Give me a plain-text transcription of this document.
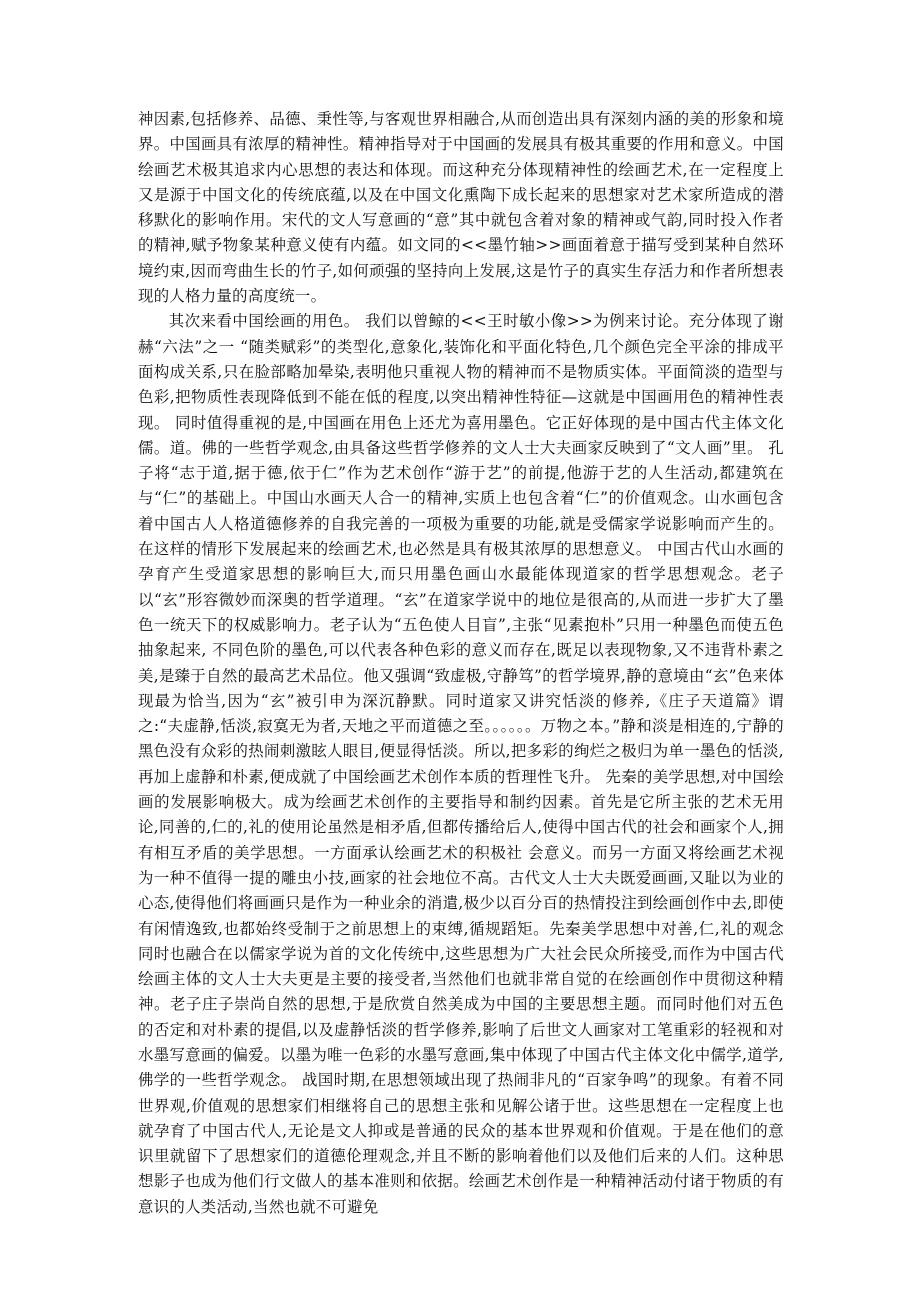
神因素,包括修养、品德、秉性等,与客观世界相融合,从而创造出具有深刻内涵的美的形象和境界。中国画具有浓厚的精神性。精神指导对于中国画的发展具有极其重要的作用和意义。中国绘画艺术极其追求内心思想的表达和体现。而这种充分体现精神性的绘画艺术,在一定程度上又是源于中国文化的传统底蕴,以及在中国文化熏陶下成长起来的思想家对艺术家所造成的潜移默化的影响作用。宋代的文人写意画的“意”其中就包含着对象的精神或气韵,同时投入作者的精神,赋予物象某种意义使有内蕴。如文同的<<墨竹轴>>画面着意于描写受到某种自然环境约束,因而弯曲生长的竹子,如何顽强的坚持向上发展,这是竹子的真实生存活力和作者所想表现的人格力量的高度统一。

其次来看中国绘画的用色。 我们以曾鲸的<<王时敏小像>>为例来讨论。充分体现了谢赫“六法”之一 “随类赋彩”的类型化,意象化,装饰化和平面化特色,几个颜色完全平涂的排成平面构成关系,只在脸部略加晕染,表明他只重视人物的精神而不是物质实体。平面简淡的造型与色彩,把物质性表现降低到不能在低的程度,以突出精神性特征—这就是中国画用色的精神性表现。 同时值得重视的是,中国画在用色上还尤为喜用墨色。它正好体现的是中国古代主体文化儒。道。佛的一些哲学观念,由具备这些哲学修养的文人士大夫画家反映到了“文人画”里。 孔子将“志于道,据于德,依于仁”作为艺术创作“游于艺”的前提,他游于艺的人生活动,都建筑在与“仁”的基础上。中国山水画天人合一的精神,实质上也包含着“仁”的价值观念。山水画包含着中国古人人格道德修养的自我完善的一项极为重要的功能,就是受儒家学说影响而产生的。在这样的情形下发展起来的绘画艺术,也必然是具有极其浓厚的思想意义。 中国古代山水画的孕育产生受道家思想的影响巨大,而只用墨色画山水最能体现道家的哲学思想观念。老子以“玄”形容微妙而深奥的哲学道理。“玄”在道家学说中的地位是很高的,从而进一步扩大了墨色一统天下的权威影响力。老子认为“五色使人目盲”,主张“见素抱朴”只用一种墨色而使五色抽象起来, 不同色阶的墨色,可以代表各种色彩的意义而存在,既足以表现物象,又不违背朴素之美,是臻于自然的最高艺术品位。他又强调“致虚极,守静笃”的哲学境界,静的意境由“玄”色来体现最为恰当,因为“玄”被引申为深沉静默。同时道家又讲究恬淡的修养,《庄子天道篇》谓之:“夫虚静,恬淡,寂寞无为者,天地之平而道德之至。。。。。。万物之本。”静和淡是相连的,宁静的黑色没有众彩的热闹刺激眩人眼目,便显得恬淡。所以,把多彩的绚烂之极归为单一墨色的恬淡,再加上虚静和朴素,便成就了中国绘画艺术创作本质的哲理性飞升。 先秦的美学思想,对中国绘画的发展影响极大。成为绘画艺术创作的主要指导和制约因素。首先是它所主张的艺术无用论,同善的,仁的,礼的使用论虽然是相矛盾,但都传播给后人,使得中国古代的社会和画家个人,拥有相互矛盾的美学思想。一方面承认绘画艺术的积极社 会意义。而另一方面又将绘画艺术视为一种不值得一提的雕虫小技,画家的社会地位不高。古代文人士大夫既爱画画,又耻以为业的心态,使得他们将画画只是作为一种业余的消遣,极少以百分百的热情投注到绘画创作中去,即使有闲情逸致,也都始终受制于之前思想上的束缚,循规蹈矩。先秦美学思想中对善,仁,礼的观念同时也融合在以儒家学说为首的文化传统中,这些思想为广大社会民众所接受,而作为中国古代绘画主体的文人士大夫更是主要的接受者,当然他们也就非常自觉的在绘画创作中贯彻这种精神。老子庄子崇尚自然的思想,于是欣赏自然美成为中国的主要思想主题。而同时他们对五色的否定和对朴素的提倡,以及虚静恬淡的哲学修养,影响了后世文人画家对工笔重彩的轻视和对水墨写意画的偏爱。以墨为唯一色彩的水墨写意画,集中体现了中国古代主体文化中儒学,道学,佛学的一些哲学观念。 战国时期,在思想领域出现了热闹非凡的“百家争鸣”的现象。有着不同世界观,价值观的思想家们相继将自己的思想主张和见解公诸于世。这些思想在一定程度上也就孕育了中国古代人,无论是文人抑或是普通的民众的基本世界观和价值观。于是在他们的意识里就留下了思想家们的道德伦理观念,并且不断的影响着他们以及他们后来的人们。这种思想影子也成为他们行文做人的基本准则和依据。绘画艺术创作是一种精神活动付诸于物质的有意识的人类活动,当然也就不可避免
